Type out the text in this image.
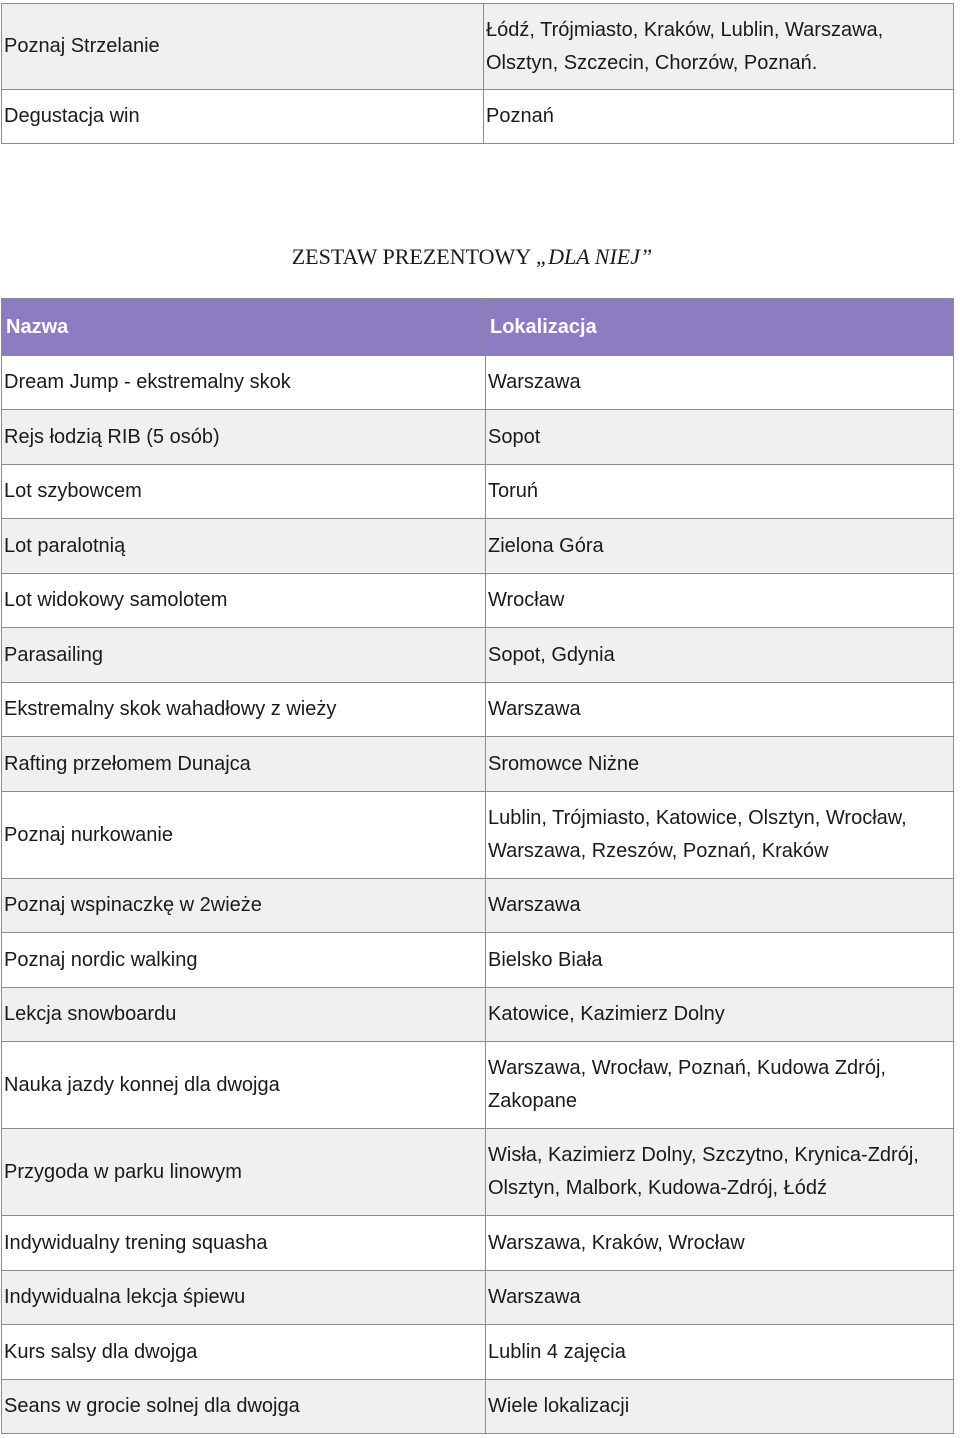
Poznaj Strzelanie	Łódź, Trójmiasto, Kraków, Lublin, Warszawa, Olsztyn, Szczecin, Chorzów, Poznań.
Degustacja win	Poznań
ZESTAW PREZENTOWY „DLA NIEJ”
Nazwa	Lokalizacja
Dream Jump - ekstremalny skok	Warszawa
Rejs łodzią RIB (5 osób)	Sopot
Lot szybowcem	Toruń
Lot paralotnią	Zielona Góra
Lot widokowy samolotem	Wrocław
Parasailing	Sopot, Gdynia
Ekstremalny skok wahadłowy z wieży	Warszawa
Rafting przełomem Dunajca	Sromowce Niżne
Poznaj nurkowanie	Lublin, Trójmiasto, Katowice, Olsztyn, Wrocław, Warszawa, Rzeszów, Poznań, Kraków
Poznaj wspinaczkę w 2wieże	Warszawa
Poznaj nordic walking	Bielsko Biała
Lekcja snowboardu	Katowice, Kazimierz Dolny
Nauka jazdy konnej dla dwojga	Warszawa, Wrocław, Poznań, Kudowa Zdrój, Zakopane
Przygoda w parku linowym	Wisła, Kazimierz Dolny, Szczytno, Krynica-Zdrój, Olsztyn, Malbork, Kudowa-Zdrój, Łódź
Indywidualny trening squasha	Warszawa, Kraków, Wrocław
Indywidualna lekcja śpiewu	Warszawa
Kurs salsy dla dwojga	Lublin 4 zajęcia
Seans w grocie solnej dla dwojga	Wiele lokalizacji
